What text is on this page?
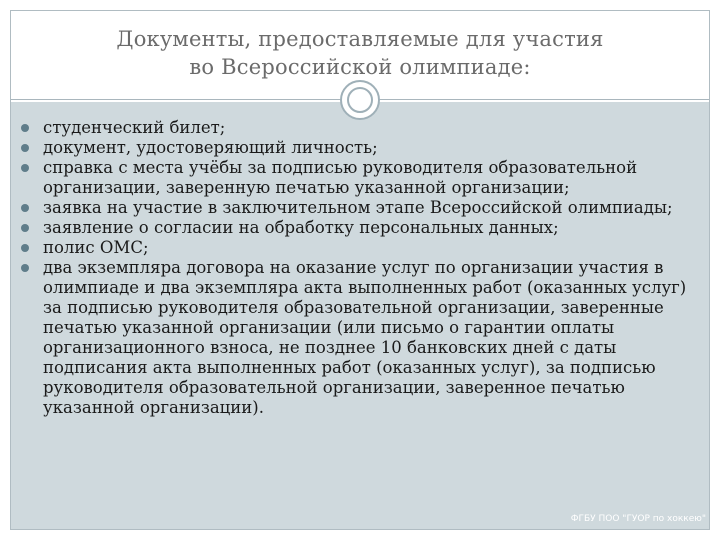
Документы, предоставляемые для участия
во Всероссийской олимпиаде:
студенческий билет;
документ, удостоверяющий личность;
справка с места учёбы за подписью руководителя образовательной организации, заверенную печатью указанной организации;
заявка на участие в заключительном этапе Всероссийской олимпиады;
заявление о согласии на обработку персональных данных;
полис ОМС;
два экземпляра договора на оказание услуг по организации участия в олимпиаде и два экземпляра акта выполненных работ (оказанных услуг) за подписью руководителя образовательной организации, заверенные печатью указанной организации (или письмо о гарантии оплаты организационного взноса, не позднее 10 банковских дней с даты подписания акта выполненных работ (оказанных услуг), за подписью руководителя образовательной организации, заверенное печатью указанной организации).
ФГБУ ПОО "ГУОР по хоккею"
